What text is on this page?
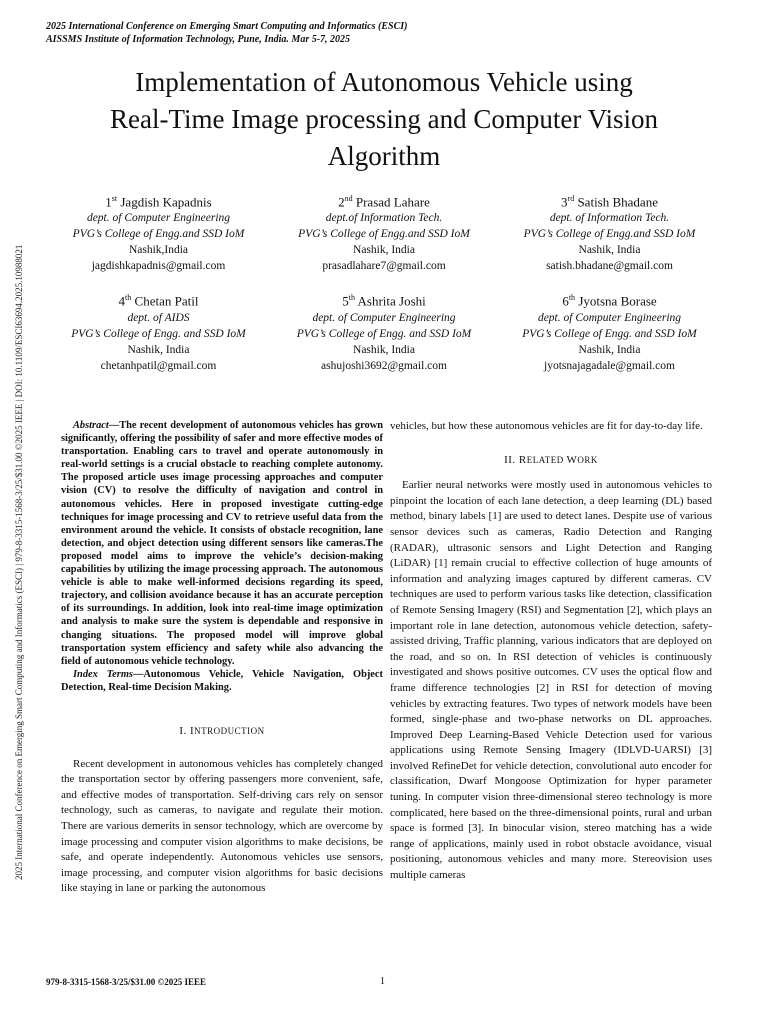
2025 International Conference on Emerging Smart Computing and Informatics (ESCI)
AISSMS Institute of Information Technology, Pune, India. Mar 5-7, 2025
2025 International Conference on Emerging Smart Computing and Informatics (ESCI) | 979-8-3315-1568-3/25/$31.00 ©2025 IEEE | DOI: 10.1109/ESCI63694.2025.10988021
Implementation of Autonomous Vehicle using
Real-Time Image processing and Computer Vision
Algorithm
1st Jagdish Kapadnis
dept. of Computer Engineering
PVG’s College of Engg.and SSD IoM
Nashik,India
jagdishkapadnis@gmail.com
2nd Prasad Lahare
dept.of Information Tech.
PVG’s College of Engg.and SSD IoM
Nashik, India
prasadlahare7@gmail.com
3rd Satish Bhadane
dept. of Information Tech.
PVG’s College of Engg.and SSD IoM
Nashik, India
satish.bhadane@gmail.com
4th Chetan Patil
dept. of AIDS
PVG’s College of Engg. and SSD IoM
Nashik, India
chetanhpatil@gmail.com
5th Ashrita Joshi
dept. of Computer Engineering
PVG’s College of Engg. and SSD IoM
Nashik, India
ashujoshi3692@gmail.com
6th Jyotsna Borase
dept. of Computer Engineering
PVG’s College of Engg. and SSD IoM
Nashik, India
jyotsnajagadale@gmail.com

Abstract—The recent development of autonomous vehicles has grown significantly, offering the possibility of safer and more effective modes of transportation. Enabling cars to travel and operate autonomously in real-world settings is a crucial obstacle to reaching complete autonomy. The proposed article uses image processing approaches and computer vision (CV) to resolve the difficulty of navigation and control in autonomous vehicles. Here in proposed investigate cutting-edge techniques for image processing and CV to retrieve useful data from the environment around the vehicle. It consists of obstacle recognition, lane detection, and object detection using different sensors like cameras.The proposed model aims to improve the vehicle’s decision-making capabilities by utilizing the image processing approach. The autonomous vehicle is able to make well-informed decisions regarding its speed, trajectory, and collision avoidance because it has an accurate perception of its surroundings. In addition, look into real-time image optimization and analysis to make sure the system is dependable and responsive in changing situations. The proposed model will improve global transportation system efficiency and safety while also advancing the field of autonomous vehicle technology.

Index Terms—Autonomous Vehicle, Vehicle Navigation, Object Detection, Real-time Decision Making.

I. INTRODUCTION

Recent development in autonomous vehicles has completely changed the transportation sector by offering passengers more convenient, safe, and effective modes of transportation. Self-driving cars rely on sensor technology, such as cameras, to navigate and regulate their motion. There are various demerits in sensor technology, which are overcome by image processing and computer vision algorithms to make decisions, be safe, and operate independently. Autonomous vehicles use sensors, image processing, and computer vision algorithms for basic decisions like staying in lane or parking the autonomous

vehicles, but how these autonomous vehicles are fit for day-to-day life.

II. RELATED WORK

Earlier neural networks were mostly used in autonomous vehicles to pinpoint the location of each lane detection, a deep learning (DL) based method, binary labels [1] are used to detect lanes. Despite use of various sensor devices such as cameras, Radio Detection and Ranging (RADAR), ultrasonic sensors and Light Detection and Ranging (LiDAR) [1] remain crucial to effective collection of huge amounts of information and analyzing images captured by different cameras. CV techniques are used to perform various tasks like detection, classification of Remote Sensing Imagery (RSI) and Segmentation [2], which plays an important role in lane detection, autonomous vehicle detection, safety-assisted driving, Traffic planning, various indicators that are deployed on the road, and so on. In RSI detection of vehicles is continuously investigated and shows positive outcomes. CV uses the optical flow and frame difference technologies [2] in RSI for detection of moving vehicles by extracting features. Two types of network models have been formed, single-phase and two-phase networks on DL approaches. Improved Deep Learning-Based Vehicle Detection used for various applications using Remote Sensing Imagery (IDLVD-UARSI) [3] involved RefineDet for vehicle detection, convolutional auto encoder for classification, Dwarf Mongoose Optimization for hyper parameter tuning. In computer vision three-dimensional stereo technology is more complicated, here based on the three-dimensional points, rural and urban space is formed [3]. In binocular vision, stereo matching has a wide range of applications, mainly used in robot obstacle avoidance, visual positioning, autonomous vehicles and many more. Stereovision uses multiple cameras

979-8-3315-1568-3/25/$31.00 ©2025 IEEE	1
